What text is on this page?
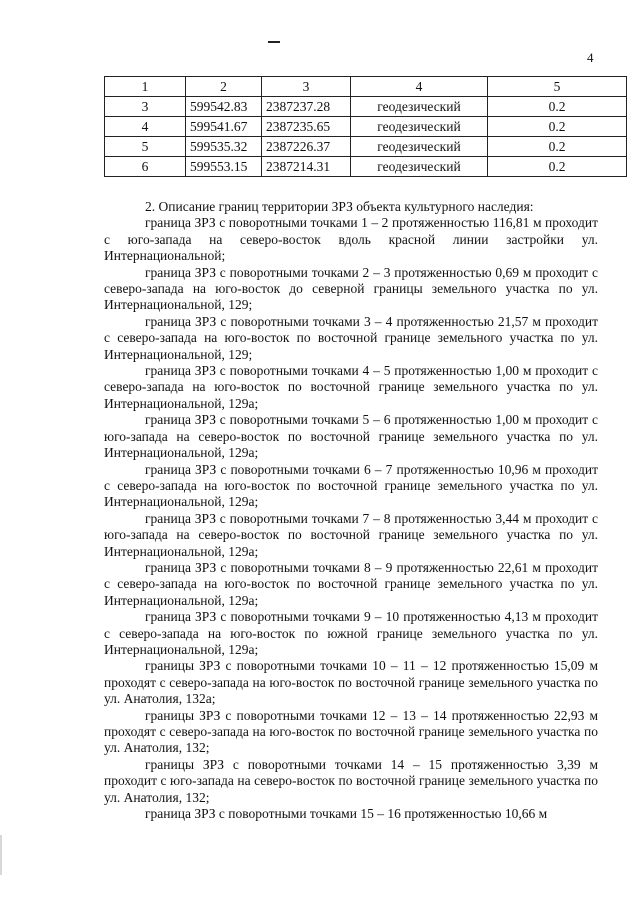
4
1	2	3	4	5
3	599542.83	2387237.28	геодезический	0.2
4	599541.67	2387235.65	геодезический	0.2
5	599535.32	2387226.37	геодезический	0.2
6	599553.15	2387214.31	геодезический	0.2

2. Описание границ территории ЗРЗ объекта культурного наследия:

граница ЗРЗ с поворотными точками 1 – 2 протяженностью 116,81 м проходит с юго-запада на северо-восток вдоль красной линии застройки ул. Интернациональной;

граница ЗРЗ с поворотными точками 2 – 3 протяженностью 0,69 м проходит с северо-запада на юго-восток до северной границы земельного участка по ул. Интернациональной, 129;

граница ЗРЗ с поворотными точками 3 – 4 протяженностью 21,57 м проходит с северо-запада на юго-восток по восточной границе земельного участка по ул. Интернациональной, 129;

граница ЗРЗ с поворотными точками 4 – 5 протяженностью 1,00 м проходит с северо-запада на юго-восток по восточной границе земельного участка по ул. Интернациональной, 129а;

граница ЗРЗ с поворотными точками 5 – 6 протяженностью 1,00 м проходит с юго-запада на северо-восток по восточной границе земельного участка по ул. Интернациональной, 129а;

граница ЗРЗ с поворотными точками 6 – 7 протяженностью 10,96 м проходит с северо-запада на юго-восток по восточной границе земельного участка по ул. Интернациональной, 129а;

граница ЗРЗ с поворотными точками 7 – 8 протяженностью 3,44 м проходит с юго-запада на северо-восток по восточной границе земельного участка по ул. Интернациональной, 129а;

граница ЗРЗ с поворотными точками 8 – 9 протяженностью 22,61 м проходит с северо-запада на юго-восток по восточной границе земельного участка по ул. Интернациональной, 129а;

граница ЗРЗ с поворотными точками 9 – 10 протяженностью 4,13 м проходит с северо-запада на юго-восток по южной границе земельного участка по ул. Интернациональной, 129а;

границы ЗРЗ с поворотными точками 10 – 11 – 12 протяженностью 15,09 м проходят с северо-запада на юго-восток по восточной границе земельного участка по ул. Анатолия, 132а;

границы ЗРЗ с поворотными точками 12 – 13 – 14 протяженностью 22,93 м проходят с северо-запада на юго-восток по восточной границе земельного участка по ул. Анатолия, 132;

границы ЗРЗ с поворотными точками 14 – 15 протяженностью 3,39 м проходит с юго-запада на северо-восток по восточной границе земельного участка по ул. Анатолия, 132;

граница ЗРЗ с поворотными точками 15 – 16 протяженностью 10,66 м
